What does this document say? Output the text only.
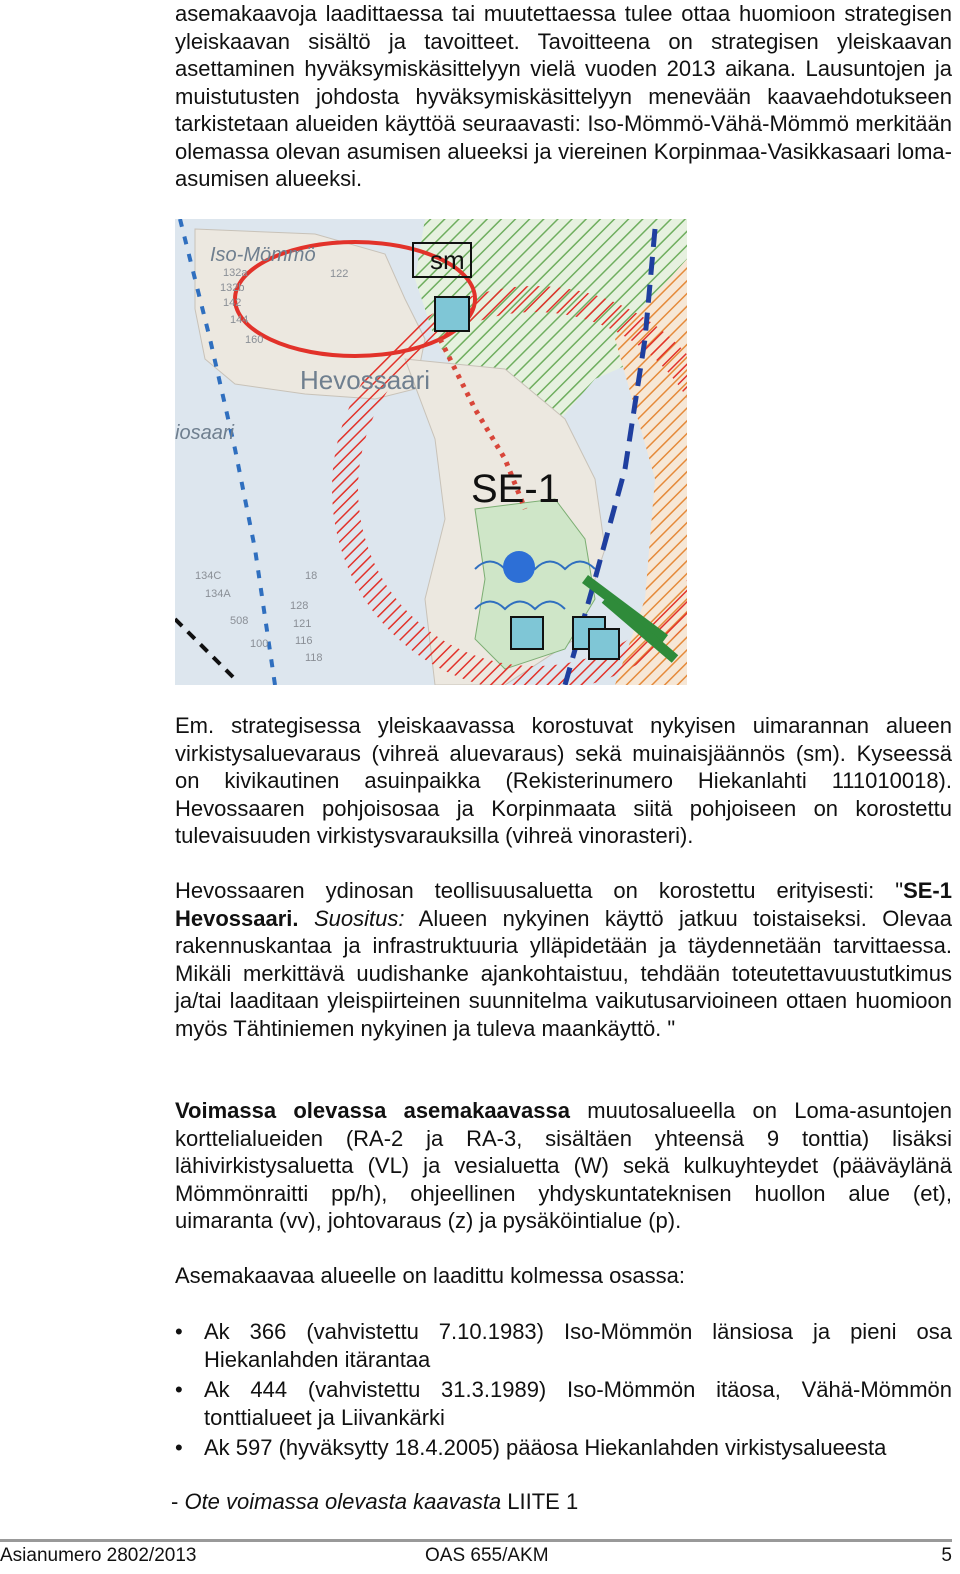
asemakaavoja laadittaessa tai muutettaessa tulee ottaa huomioon strategisen yleiskaavan sisältö ja tavoitteet. Tavoitteena on strategisen yleiskaavan asettaminen hyväksymiskäsittelyyn vielä vuoden 2013 aikana. Lausuntojen ja muistutusten johdosta hyväksymiskäsittelyyn menevään kaavaehdotukseen tarkistetaan alueiden käyttöä seuraavasti: Iso-Mömmö-Vähä-Mömmö merkitään olemassa olevan asumisen alueeksi ja viereinen Korpinmaa-Vasikkasaari loma-asumisen alueeksi.

Iso-Mömmö	sm
Hevossaari
iosaari
SE-1
132a
132b
142
144
160
122
134C
134A
508
100
128
121
116
118
18

Em. strategisessa yleiskaavassa korostuvat nykyisen uimarannan alueen virkistysaluevaraus (vihreä aluevaraus) sekä muinaisjäännös (sm). Kyseessä on kivikautinen asuinpaikka (Rekisterinumero Hiekanlahti 111010018). Hevossaaren pohjoisosaa ja Korpinmaata siitä pohjoiseen on korostettu tulevaisuuden virkistysvarauksilla (vihreä vinorasteri).

Hevossaaren ydinosan teollisuusaluetta on korostettu erityisesti: "SE-1 Hevossaari. Suositus: Alueen nykyinen käyttö jatkuu toistaiseksi. Olevaa rakennuskantaa ja infrastruktuuria ylläpidetään ja täydennetään tarvittaessa. Mikäli merkittävä uudishanke ajankohtaistuu, tehdään toteutettavuustutkimus ja/tai laaditaan yleispiirteinen suunnitelma vaikutusarvioineen ottaen huomioon myös Tähtiniemen nykyinen ja tuleva maankäyttö. "

Voimassa olevassa asemakaavassa muutosalueella on Loma-asuntojen korttelialueiden (RA-2 ja RA-3, sisältäen yhteensä 9 tonttia) lisäksi lähivirkistysaluetta (VL) ja vesialuetta (W) sekä kulkuyhteydet (pääväylänä Mömmönraitti pp/h), ohjeellinen yhdyskuntateknisen huollon alue (et), uimaranta (vv), johtovaraus (z) ja pysäköintialue (p).

Asemakaavaa alueelle on laadittu kolmessa osassa:

• Ak 366 (vahvistettu 7.10.1983) Iso-Mömmön länsiosa ja pieni osa Hiekanlahden itärantaa
• Ak 444 (vahvistettu 31.3.1989) Iso-Mömmön itäosa, Vähä-Mömmön tonttialueet ja Liivankärki
• Ak 597 (hyväksytty 18.4.2005) pääosa Hiekanlahden virkistysalueesta
- Ote voimassa olevasta kaavasta LIITE 1
Asianumero 2802/2013	OAS 655/AKM	5
